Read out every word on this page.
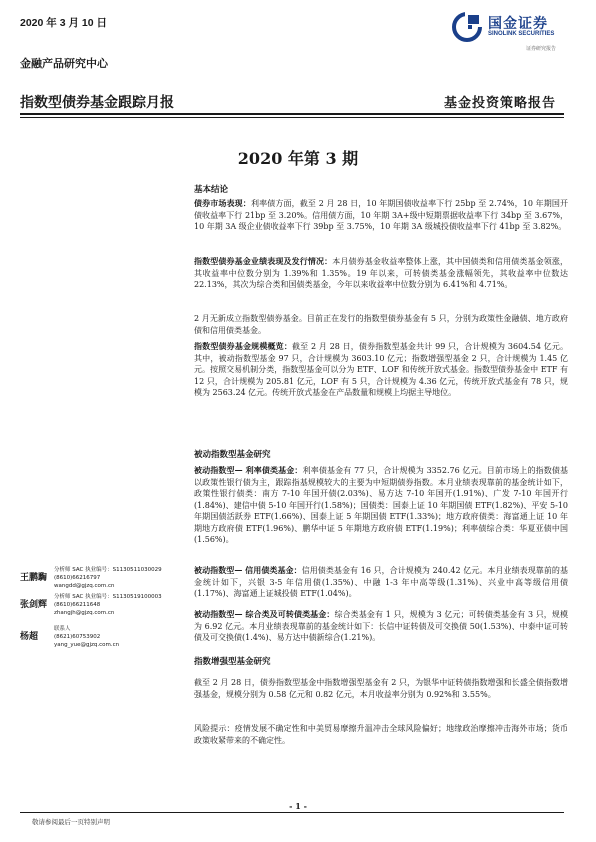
2020 年 3 月 10 日
金融产品研究中心
指数型债券基金跟踪月报	基金投资策略报告
国金证券
SINOLINK SECURITIES
证券研究报告
2020 年第 3 期
基本结论
债券市场表现：利率债方面，截至 2 月 28 日，10 年期国债收益率下行 25bp 至 2.74%，10 年期国开债收益率下行 21bp 至 3.20%。信用债方面，10 年期 3A+级中短期票据收益率下行 34bp 至 3.67%，10 年期 3A 级企业债收益率下行 39bp 至 3.75%，10 年期 3A 级城投债收益率下行 41bp 至 3.82%。
指数型债券基金业绩表现及发行情况：本月债券基金收益率整体上涨，其中国债类和信用债类基金领涨，其收益率中位数分别为 1.39%和 1.35%。19 年以来，可转债类基金涨幅领先，其收益率中位数达 22.13%，其次为综合类和国债类基金，今年以来收益率中位数分别为 6.41%和 4.71%。
2 月无新成立指数型债券基金。目前正在发行的指数型债券基金有 5 只，分别为政策性金融债、地方政府债和信用债类基金。
指数型债券基金规模概览：截至 2 月 28 日，债券指数型基金共计 99 只，合计规模为 3604.54 亿元。其中，被动指数型基金 97 只，合计规模为 3603.10 亿元；指数增强型基金 2 只，合计规模为 1.45 亿元。按照交易机制分类，指数型基金可以分为 ETF、LOF 和传统开放式基金。指数型债券基金中 ETF 有 12 只，合计规模为 205.81 亿元，LOF 有 5 只，合计规模为 4.36 亿元，传统开放式基金有 78 只，规模为 2563.24 亿元。传统开放式基金在产品数量和规模上均据主导地位。
被动指数型基金研究
被动指数型— 利率债类基金：利率债基金有 77 只，合计规模为 3352.76 亿元。目前市场上的指数债基以政策性银行债为主，跟踪指基规模较大的主要为中短期债券指数。本月业绩表现靠前的基金统计如下，政策性银行债类：南方 7-10 年国开债(2.03%)、易方达 7-10 年国开(1.91%)、广发 7-10 年国开行(1.84%)、建信中债 5-10 年国开行(1.58%)；国债类：国泰上证 10 年期国债 ETF(1.82%)、平安 5-10 年期国债活跃券 ETF(1.66%)、国泰上证 5 年期国债 ETF(1.33%)；地方政府债类：海富通上证 10 年期地方政府债 ETF(1.96%)、鹏华中证 5 年期地方政府债 ETF(1.19%)；利率债综合类：华夏亚债中国(1.56%)。
被动指数型— 信用债类基金：信用债类基金有 16 只，合计规模为 240.42 亿元。本月业绩表现靠前的基金统计如下，兴银 3-5 年信用债(1.35%)、中融 1-3 年中高等级(1.31%)、兴业中高等级信用债(1.17%)、海富通上证城投债 ETF(1.04%)。
被动指数型— 综合类及可转债类基金：综合类基金有 1 只，规模为 3 亿元；可转债类基金有 3 只，规模为 6.92 亿元。本月业绩表现靠前的基金统计如下：长信中证转债及可交换债 50(1.53%)、中泰中证可转债及可交换债(1.4%)、易方达中债新综合(1.21%)。
指数增强型基金研究
截至 2 月 28 日，债券指数型基金中指数增强型基金有 2 只，为银华中证转债指数增强和长盛全债指数增强基金，规模分别为 0.58 亿元和 0.82 亿元，本月收益率分别为 0.92%和 3.55%。
风险提示：疫情发展不确定性和中美贸易摩擦升温冲击全球风险偏好；地缘政治摩擦冲击海外市场；货币政策收紧带来的不确定性。
王鹏騊
分析师 SAC 执业编号：S1130511030029
(8610)66216797
wangdd@gjzq.com.cn
张剑辉
分析师 SAC 执业编号：S1130519100003
(8610)66211648
zhangjh@gjzq.com.cn
杨超
联系人
(8621)60753902
yang_yue@gjzq.com.cn
- 1 -
敬请参阅最后一页特别声明
